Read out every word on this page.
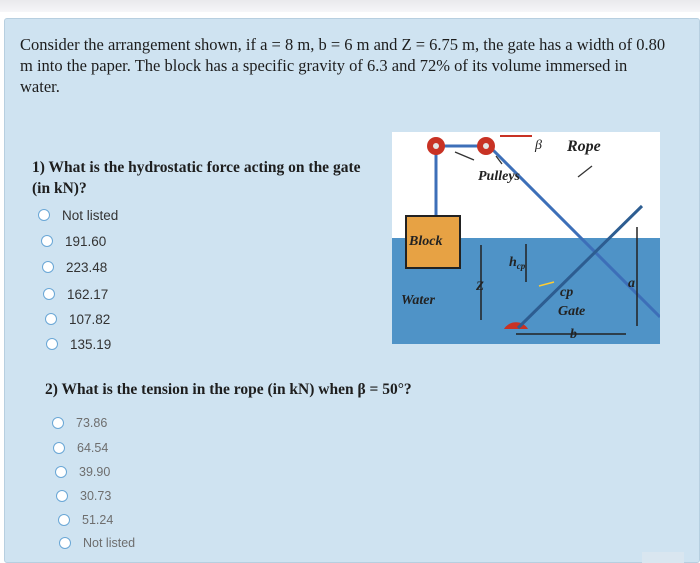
Consider the arrangement shown, if a = 8 m, b = 6 m and Z = 6.75 m, the gate has a width of 0.80 m into the paper. The block has a specific gravity of 6.3 and 72% of its volume immersed in water.
1) What is the hydrostatic force acting on the gate (in kN)?
Not listed
191.60
223.48
162.17
107.82
135.19
Pulleys
Rope
β
Block
Water
Z
$h_{cp}$
cp
Gate
a
b
2) What is the tension in the rope (in kN) when β = 50°?
73.86
64.54
39.90
30.73
51.24
Not listed
